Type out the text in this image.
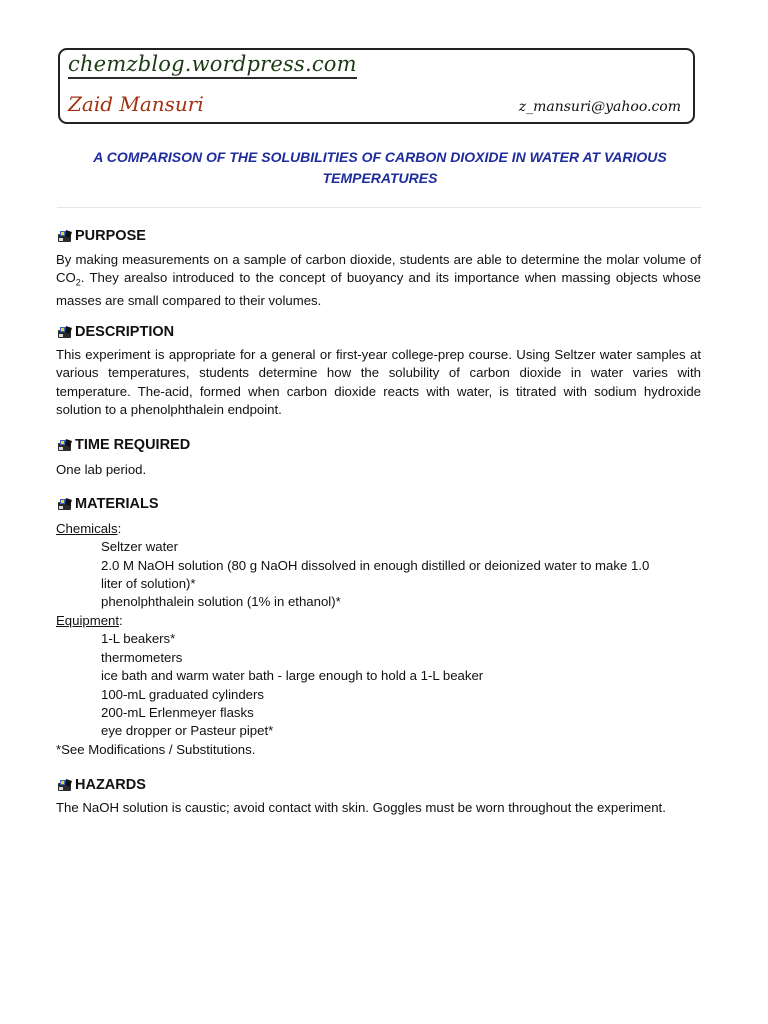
chemzblog.wordpress.com
Zaid Mansuri	z_mansuri@yahoo.com
A COMPARISON OF THE SOLUBILITIES OF CARBON DIOXIDE IN WATER AT VARIOUS
TEMPERATURES
PURPOSE

By making measurements on a sample of carbon dioxide, students are able to determine the molar volume of $CO_2$. They arealso introduced to the concept of buoyancy and its importance when massing objects whose masses are small compared to their volumes.

DESCRIPTION

This experiment is appropriate for a general or first-year college-prep course. Using Seltzer water samples at various temperatures, students determine how the solubility of carbon dioxide in water varies with temperature. The-acid, formed when carbon dioxide reacts with water, is titrated with sodium hydroxide solution to a phenolphthalein endpoint.

TIME REQUIRED
One lab period.
MATERIALS
Chemicals:
Seltzer water
2.0 M NaOH solution (80 g NaOH dissolved in enough distilled or deionized water to make 1.0
liter of solution)*
phenolphthalein solution (1% in ethanol)*
Equipment:
1-L beakers*
thermometers
ice bath and warm water bath - large enough to hold a 1-L beaker
100-mL graduated cylinders
200-mL Erlenmeyer flasks
eye dropper or Pasteur pipet*
*See Modifications / Substitutions.
HAZARDS

The NaOH solution is caustic; avoid contact with skin. Goggles must be worn throughout the experiment.
